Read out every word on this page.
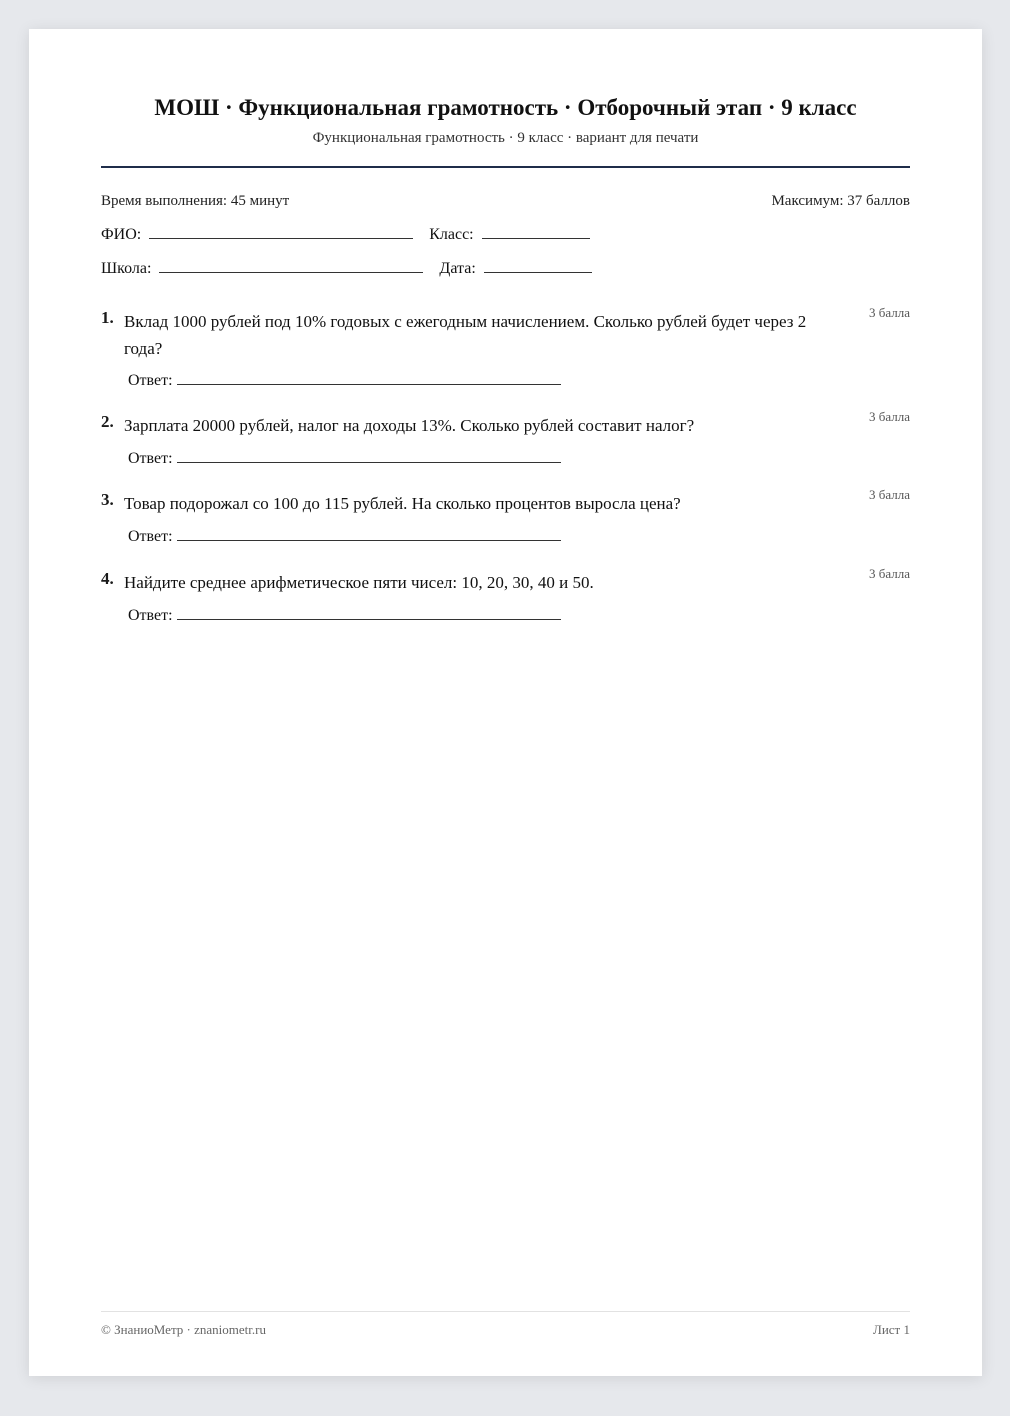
МОШ · Функциональная грамотность · Отборочный этап · 9 класс
Функциональная грамотность · 9 класс · вариант для печати
Время выполнения: 45 минут	Максимум: 37 баллов
ФИО:	Класс:
Школа:	Дата:
1. Вклад 1000 рублей под 10% годовых с ежегодным начислением. Сколько рублей будет через 2 года?
3 балла
Ответ:
2. Зарплата 20000 рублей, налог на доходы 13%. Сколько рублей составит налог?	3 балла
Ответ:
3. Товар подорожал со 100 до 115 рублей. На сколько процентов выросла цена?	3 балла
Ответ:
4. Найдите среднее арифметическое пяти чисел: 10, 20, 30, 40 и 50.	3 балла
Ответ:
© ЗнаниоМетр · znaniometr.ru	Лист 1
